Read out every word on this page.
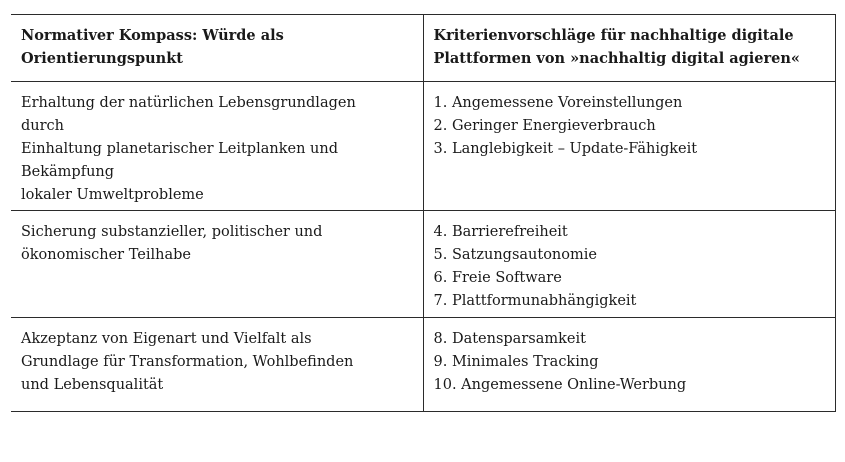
Normativer Kompass: Würde als
Orientierungspunkt	Kriterienvorschläge für nachhaltige digitale
Plattformen von »nachhaltig digital agieren«

Erhaltung der natürlichen Lebensgrundlagen
durch
Einhaltung planetarischer Leitplanken und
Bekämpfung
lokaler Umweltprobleme	1. Angemessene Voreinstellungen
2. Geringer Energieverbrauch
3. Langlebigkeit – Update-Fähigkeit

Sicherung substanzieller, politischer und
ökonomischer Teilhabe	4. Barrierefreiheit
5. Satzungsautonomie
6. Freie Software
7. Plattformunabhängigkeit

Akzeptanz von Eigenart und Vielfalt als
Grundlage für Transformation, Wohlbefinden
und Lebensqualität	8. Datensparsamkeit
9. Minimales Tracking
10. Angemessene Online-Werbung
